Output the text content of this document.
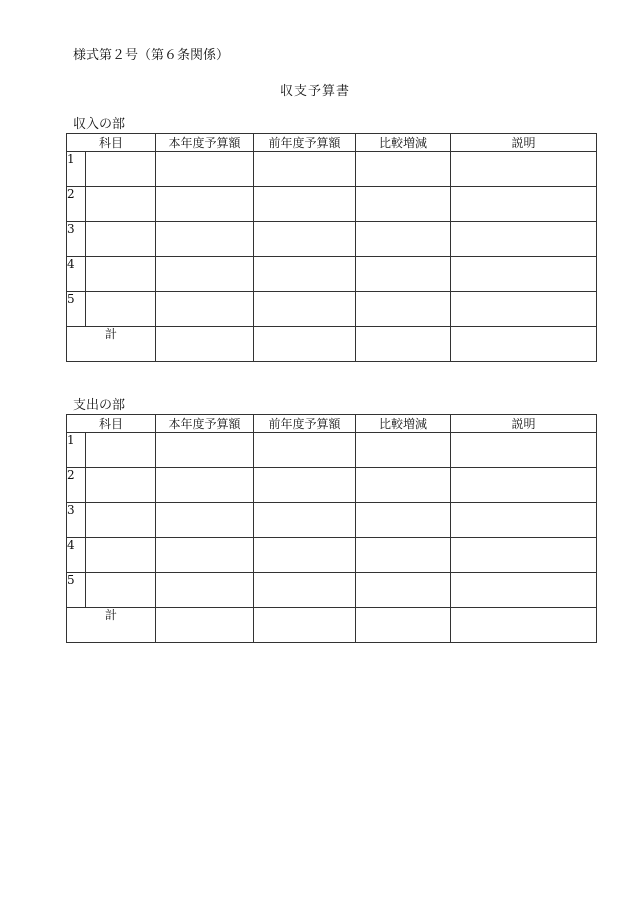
様式第２号（第６条関係）
収支予算書
収入の部
科目		本年度予算額	前年度予算額	比較増減	説明
1					
2					
3					
4					
5					
計					
支出の部
科目		本年度予算額	前年度予算額	比較増減	説明
1					
2					
3					
4					
5					
計					
